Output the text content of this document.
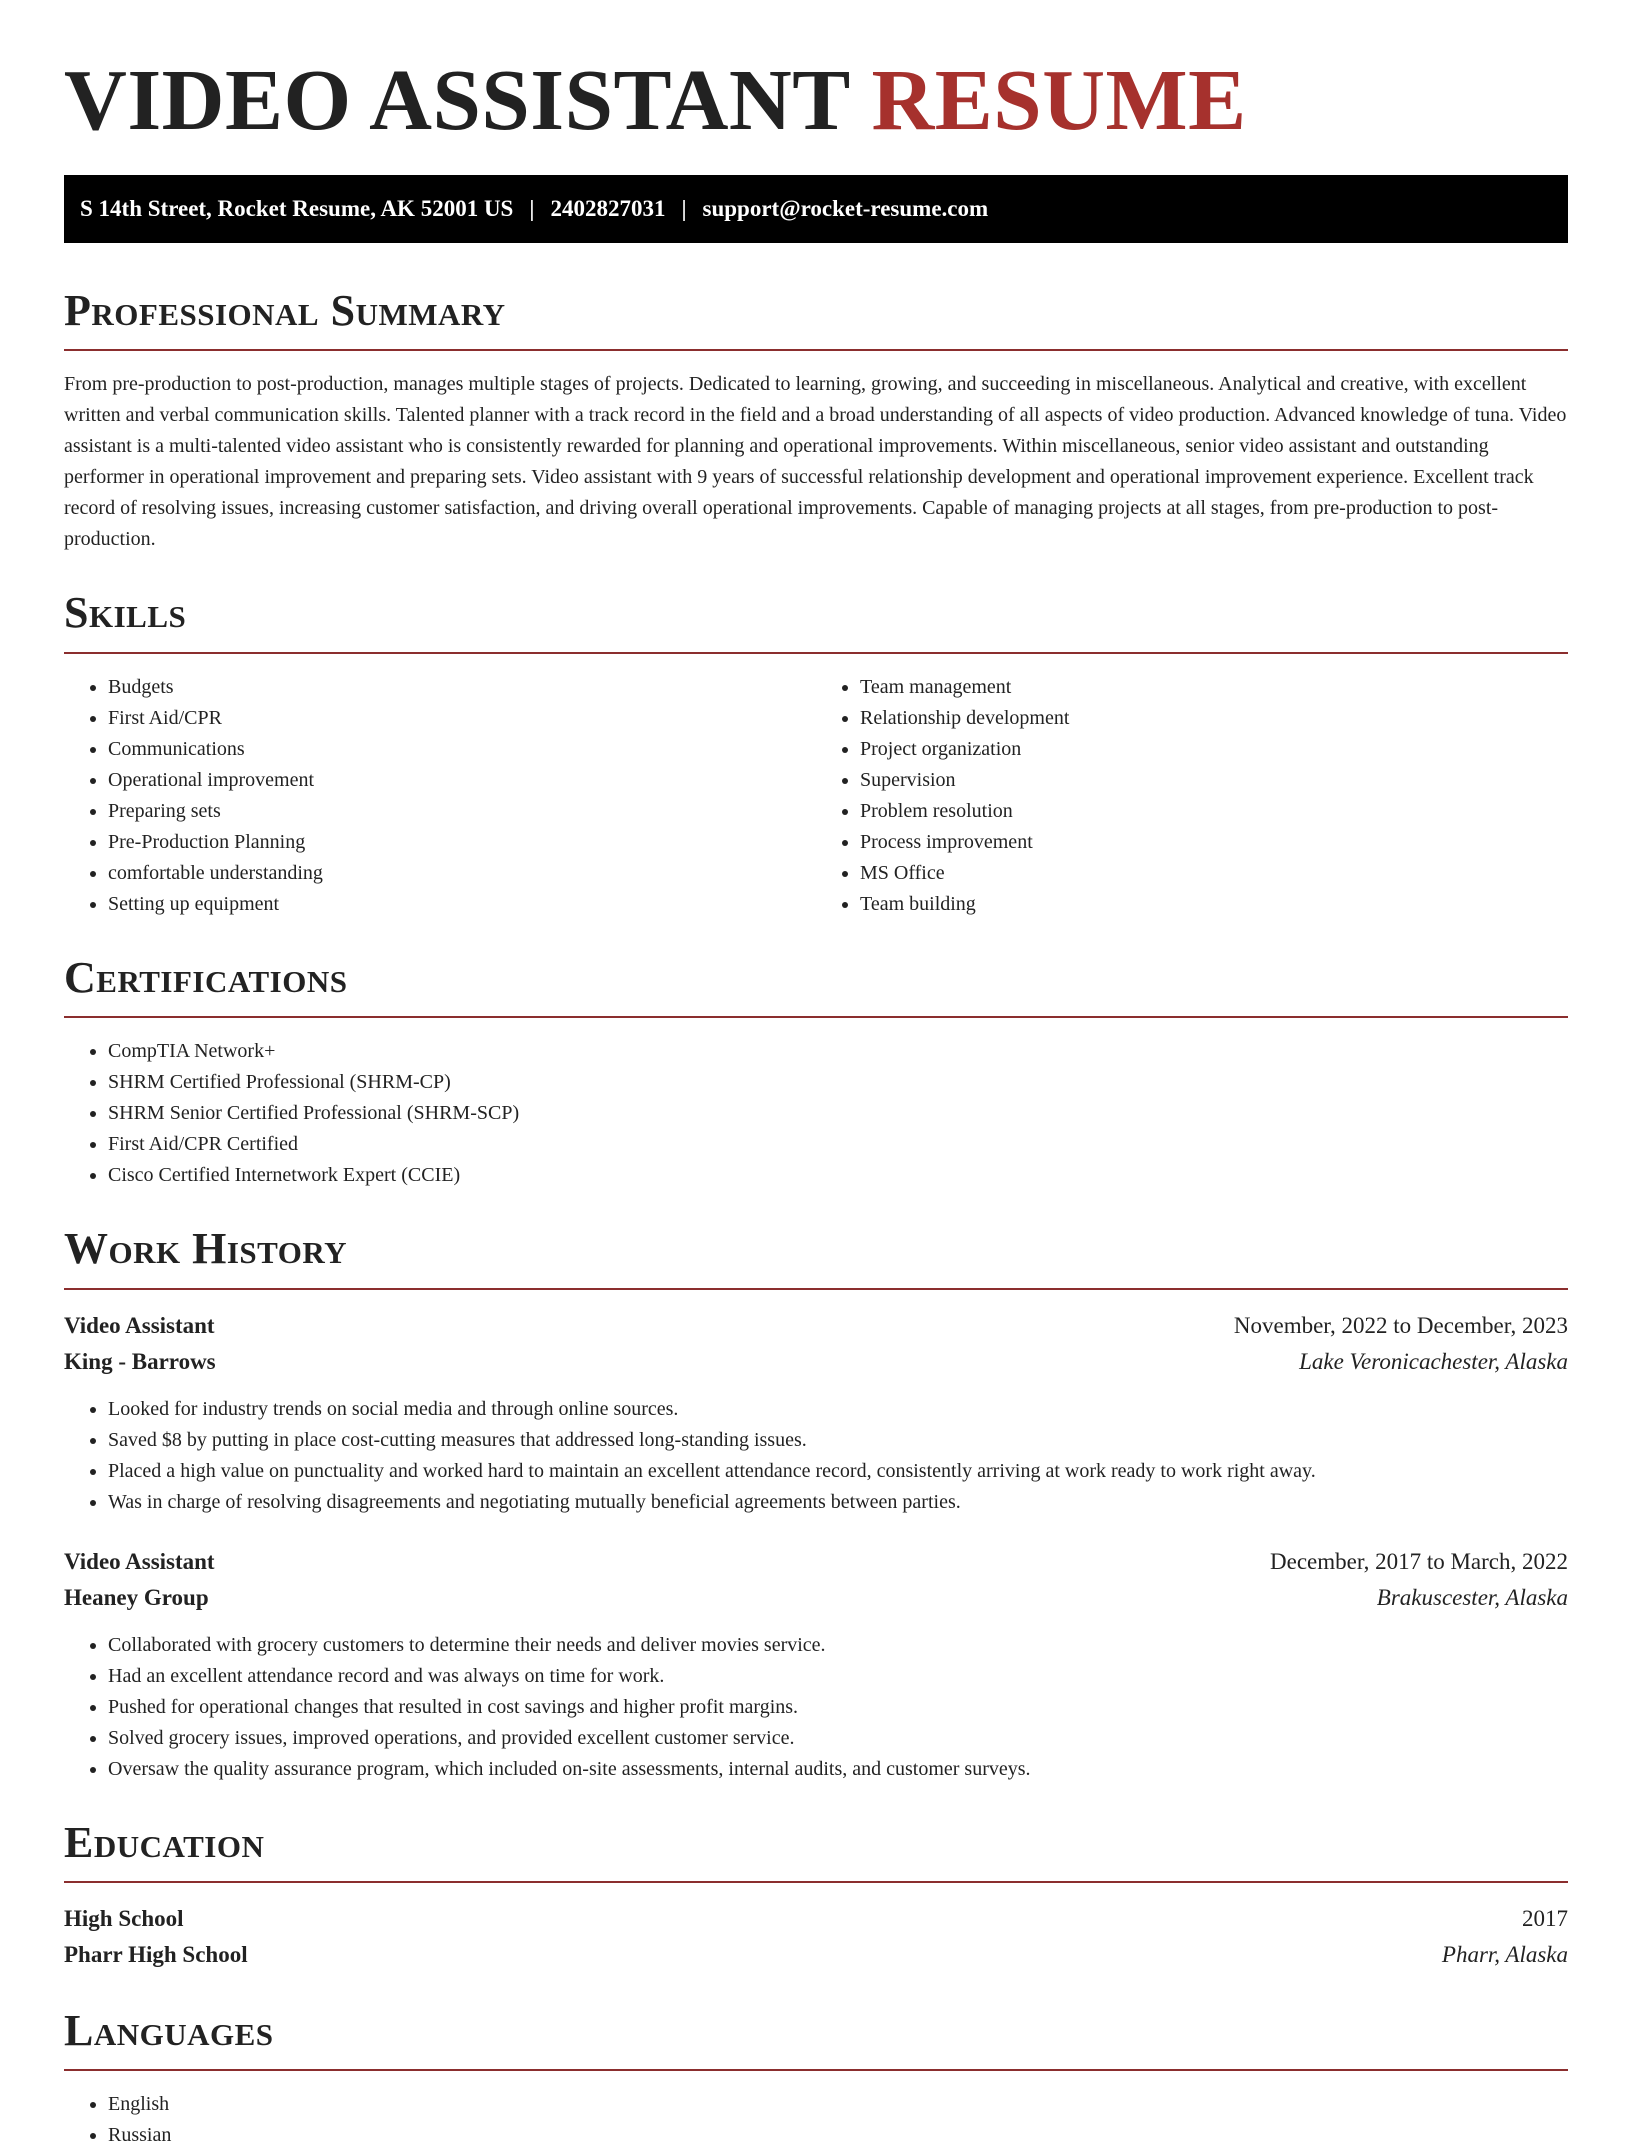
VIDEO ASSISTANT RESUME
S 14th Street, Rocket Resume, AK 52001 US | 2402827031 | support@rocket-resume.com
Professional Summary

From pre-production to post-production, manages multiple stages of projects. Dedicated to learning, growing, and succeeding in miscellaneous. Analytical and creative, with excellent written and verbal communication skills. Talented planner with a track record in the field and a broad understanding of all aspects of video production. Advanced knowledge of tuna. Video assistant is a multi-talented video assistant who is consistently rewarded for planning and operational improvements. Within miscellaneous, senior video assistant and outstanding performer in operational improvement and preparing sets. Video assistant with 9 years of successful relationship development and operational improvement experience. Excellent track record of resolving issues, increasing customer satisfaction, and driving overall operational improvements. Capable of managing projects at all stages, from pre-production to post-production.

Skills
• Budgets
• First Aid/CPR
• Communications
• Operational improvement
• Preparing sets
• Pre-Production Planning
• comfortable understanding
• Setting up equipment
• Team management
• Relationship development
• Project organization
• Supervision
• Problem resolution
• Process improvement
• MS Office
• Team building
Certifications
• CompTIA Network+
• SHRM Certified Professional (SHRM-CP)
• SHRM Senior Certified Professional (SHRM-SCP)
• First Aid/CPR Certified
• Cisco Certified Internetwork Expert (CCIE)
Work History
Video Assistant	November, 2022 to December, 2023
King - Barrows	Lake Veronicachester, Alaska
• Looked for industry trends on social media and through online sources.
• Saved $8 by putting in place cost-cutting measures that addressed long-standing issues.
• Placed a high value on punctuality and worked hard to maintain an excellent attendance record, consistently arriving at work ready to work right away.
• Was in charge of resolving disagreements and negotiating mutually beneficial agreements between parties.
Video Assistant	December, 2017 to March, 2022
Heaney Group	Brakuscester, Alaska
• Collaborated with grocery customers to determine their needs and deliver movies service.
• Had an excellent attendance record and was always on time for work.
• Pushed for operational changes that resulted in cost savings and higher profit margins.
• Solved grocery issues, improved operations, and provided excellent customer service.
• Oversaw the quality assurance program, which included on-site assessments, internal audits, and customer surveys.
Education
High School	2017
Pharr High School	Pharr, Alaska
Languages
• English
• Russian
